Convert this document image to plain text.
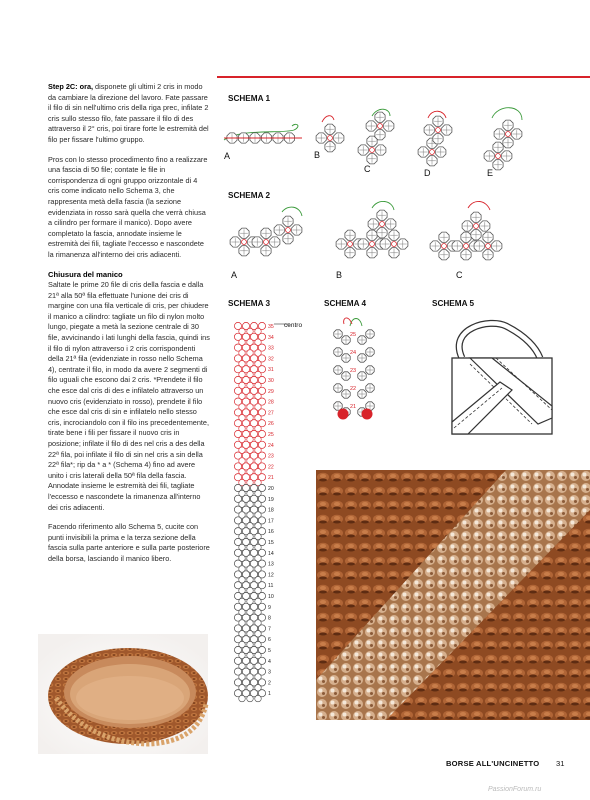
Step 2C: ora, disponete gli ultimi 2 cris in modo da cambiare la direzione del lavoro. Fate passare il filo di sin nell'ultimo cris della riga prec, infilate 2 cris sullo stesso filo, fate passare il filo di des attraverso il 2° cris, poi tirare forte le estremità del filo per fissare l'ultimo gruppo.

Pros con lo stesso procedimento fino a realizzare una fascia di 50 file; contate le file in corrispondenza di ogni gruppo orizzontale di 4 cris come indicato nello Schema 3, che rappresenta metà della fascia (la sezione evidenziata in rosso sarà quella che verrà chiusa a cilindro per formare il manico). Dopo avere completato la fascia, annodate insieme le estremità dei fili, tagliate l'eccesso e nascondete la rimanenza all'interno dei cris adiacenti.

Chiusura del manico

Saltate le prime 20 file di cris della fascia e dalla 21ª alla 50ª fila effettuate l'unione dei cris di margine con una fila verticale di cris, per chiudere il manico a cilindro: tagliate un filo di nylon molto lungo, piegate a metà la sezione centrale di 30 file, avvicinando i lati lunghi della fascia, quindi ins il filo di nylon attraverso i 2 cris corrispondenti della 21ª fila (evidenziate in rosso nello Schema 4), centrate il filo, in modo da avere 2 segmenti di filo uguali che escono dai 2 cris. *Prendete il filo che esce dal cris di des e infilatelo attraverso un nuovo cris (evidenziato in rosso), prendete il filo che esce dal cris di sin e infilatelo nello stesso cris, incrociandolo con il filo ins precedentemente, tirate bene i fili per fissare il nuovo cris in posizione; infilate il filo di des nel cris a des della 22ª fila, poi infilate il filo di sin nel cris a sin della 22ª fila*; rip da * a * (Schema 4) fino ad avere unito i cris laterali della 50ª fila della fascia. Annodate insieme le estremità dei fili, tagliate l'eccesso e nascondete la rimanenza all'interno dei cris adiacenti.

Facendo riferimento allo Schema 5, cucite con punti invisibili la prima e la terza sezione della fascia sulla parte anteriore e sulla parte posteriore della borsa, lasciando il manico libero.

SCHEMA 1
A	B
C	D	E
SCHEMA 2
A	B	C
SCHEMA 3	SCHEMA 4	SCHEMA 5
35
34
33
32
31
30
29
28
27
26
25
24
23
22
21
20
19
18
17
16
15
14
13
12
11
10
9
8
7
6
5
4
3
2
1
centro
25
24
23
22
21
BORSE ALL'UNCINETTO 31
PassionForum.ru
